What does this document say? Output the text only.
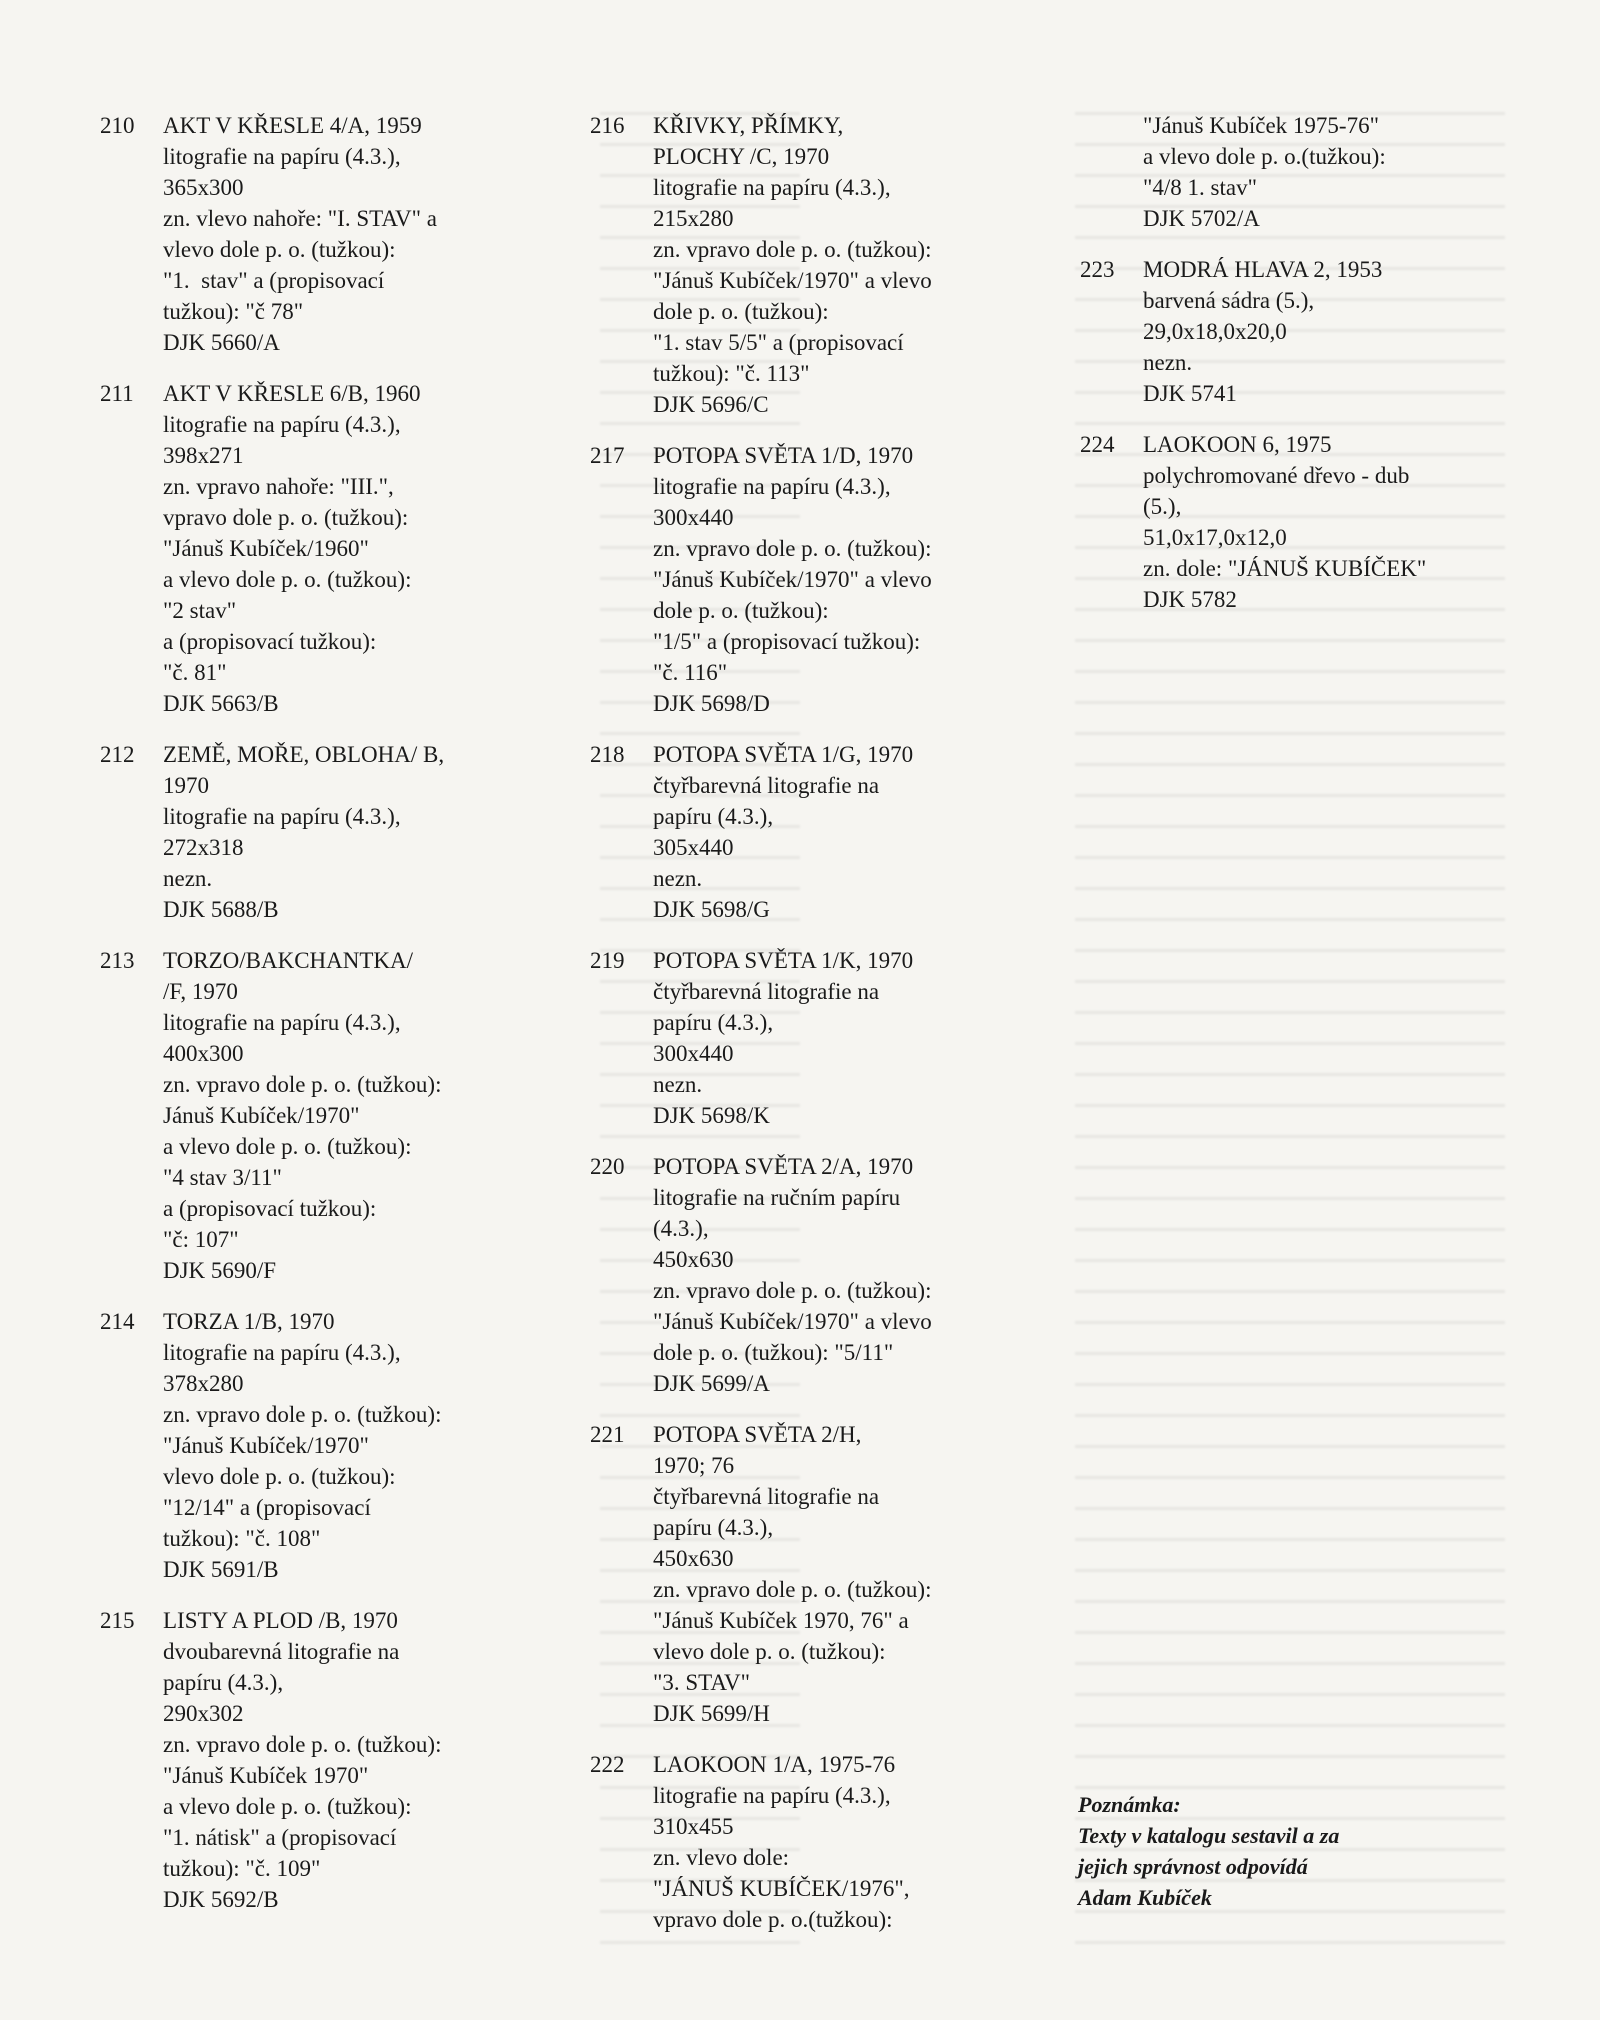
210	AKT V KŘESLE 4/A, 1959
litografie na papíru (4.3.),
365x300
zn. vlevo nahoře: "I. STAV" a
vlevo dole p. o. (tužkou):
"1.  stav" a (propisovací
tužkou): "č 78"
DJK 5660/A
211	AKT V KŘESLE 6/B, 1960
litografie na papíru (4.3.),
398x271
zn. vpravo nahoře: "III.",
vpravo dole p. o. (tužkou):
"Jánuš Kubíček/1960"
a vlevo dole p. o. (tužkou):
"2 stav"
a (propisovací tužkou):
"č. 81"
DJK 5663/B
212	ZEMĚ, MOŘE, OBLOHA/ B,
1970
litografie na papíru (4.3.),
272x318
nezn.
DJK 5688/B
213	TORZO/BAKCHANTKA/
/F, 1970
litografie na papíru (4.3.),
400x300
zn. vpravo dole p. o. (tužkou):
Jánuš Kubíček/1970"
a vlevo dole p. o. (tužkou):
"4 stav 3/11"
a (propisovací tužkou):
"č: 107"
DJK 5690/F
214	TORZA 1/B, 1970
litografie na papíru (4.3.),
378x280
zn. vpravo dole p. o. (tužkou):
"Jánuš Kubíček/1970"
vlevo dole p. o. (tužkou):
"12/14" a (propisovací
tužkou): "č. 108"
DJK 5691/B
215	LISTY A PLOD /B, 1970
dvoubarevná litografie na
papíru (4.3.),
290x302
zn. vpravo dole p. o. (tužkou):
"Jánuš Kubíček 1970"
a vlevo dole p. o. (tužkou):
"1. nátisk" a (propisovací
tužkou): "č. 109"
DJK 5692/B
216	KŘIVKY, PŘÍMKY,
PLOCHY /C, 1970
litografie na papíru (4.3.),
215x280
zn. vpravo dole p. o. (tužkou):
"Jánuš Kubíček/1970" a vlevo
dole p. o. (tužkou):
"1. stav 5/5" a (propisovací
tužkou): "č. 113"
DJK 5696/C
217	POTOPA SVĚTA 1/D, 1970
litografie na papíru (4.3.),
300x440
zn. vpravo dole p. o. (tužkou):
"Jánuš Kubíček/1970" a vlevo
dole p. o. (tužkou):
"1/5" a (propisovací tužkou):
"č. 116"
DJK 5698/D
218	POTOPA SVĚTA 1/G, 1970
čtyřbarevná litografie na
papíru (4.3.),
305x440
nezn.
DJK 5698/G
219	POTOPA SVĚTA 1/K, 1970
čtyřbarevná litografie na
papíru (4.3.),
300x440
nezn.
DJK 5698/K
220	POTOPA SVĚTA 2/A, 1970
litografie na ručním papíru
(4.3.),
450x630
zn. vpravo dole p. o. (tužkou):
"Jánuš Kubíček/1970" a vlevo
dole p. o. (tužkou): "5/11"
DJK 5699/A
221	POTOPA SVĚTA 2/H,
1970; 76
čtyřbarevná litografie na
papíru (4.3.),
450x630
zn. vpravo dole p. o. (tužkou):
"Jánuš Kubíček 1970, 76" a
vlevo dole p. o. (tužkou):
"3. STAV"
DJK 5699/H
222	LAOKOON 1/A, 1975-76
litografie na papíru (4.3.),
310x455
zn. vlevo dole:
"JÁNUŠ KUBÍČEK/1976",
vpravo dole p. o.(tužkou):
"Jánuš Kubíček 1975-76"
a vlevo dole p. o.(tužkou):
"4/8 1. stav"
DJK 5702/A
223	MODRÁ HLAVA 2, 1953
barvená sádra (5.),
29,0x18,0x20,0
nezn.
DJK 5741
224	LAOKOON 6, 1975
polychromované dřevo - dub
(5.),
51,0x17,0x12,0
zn. dole: "JÁNUŠ KUBÍČEK"
DJK 5782
Poznámka:
Texty v katalogu sestavil a za
jejich správnost odpovídá
Adam Kubíček
